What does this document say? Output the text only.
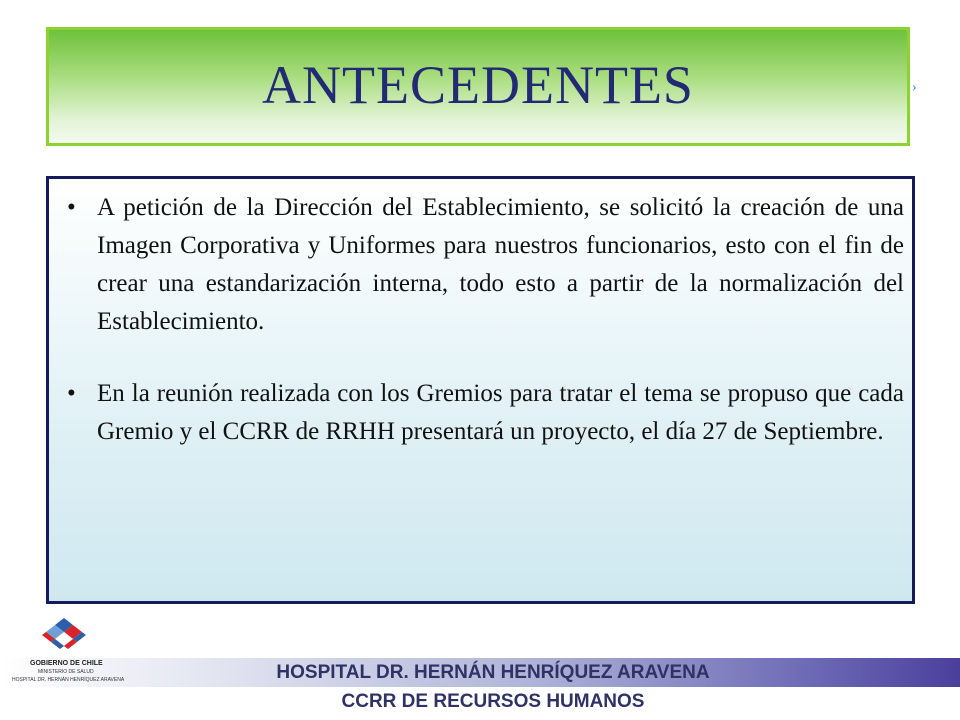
ANTECEDENTES	›
• A petición de la Dirección del Establecimiento, se solicitó la creación de una Imagen Corporativa y Uniformes para nuestros funcionarios, esto con el fin de crear una estandarización interna, todo esto a partir de la normalización del Establecimiento.
• En la reunión realizada con los Gremios para tratar el tema se propuso que cada Gremio y el CCRR de RRHH presentará un proyecto, el día 27 de Septiembre.
GOBIERNO DE CHILE
MINISTERIO DE SALUD
HOSPITAL DR. HERNÁN HENRÍQUEZ ARAVENA	HOSPITAL DR. HERNÁN HENRÍQUEZ ARAVENA
CCRR DE RECURSOS HUMANOS
